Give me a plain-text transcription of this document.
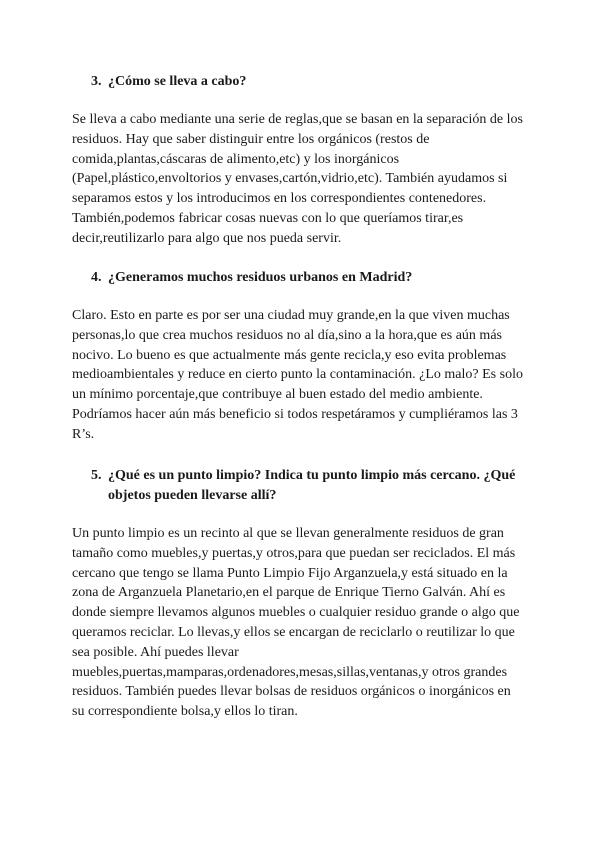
3. ¿Cómo se lleva a cabo?
Se lleva a cabo mediante una serie de reglas,que se basan en la separación de los
residuos. Hay que saber distinguir entre los orgánicos (restos de
comida,plantas,cáscaras de alimento,etc) y los inorgánicos
(Papel,plástico,envoltorios y envases,cartón,vidrio,etc). También ayudamos si
separamos estos y los introducimos en los correspondientes contenedores.
También,podemos fabricar cosas nuevas con lo que queríamos tirar,es
decir,reutilizarlo para algo que nos pueda servir.
4. ¿Generamos muchos residuos urbanos en Madrid?
Claro. Esto en parte es por ser una ciudad muy grande,en la que viven muchas
personas,lo que crea muchos residuos no al día,sino a la hora,que es aún más
nocivo. Lo bueno es que actualmente más gente recicla,y eso evita problemas
medioambientales y reduce en cierto punto la contaminación. ¿Lo malo? Es solo
un mínimo porcentaje,que contribuye al buen estado del medio ambiente.
Podríamos hacer aún más beneficio si todos respetáramos y cumpliéramos las 3
R’s.
5. ¿Qué es un punto limpio? Indica tu punto limpio más cercano. ¿Qué
objetos pueden llevarse allí?
Un punto limpio es un recinto al que se llevan generalmente residuos de gran
tamaño como muebles,y puertas,y otros,para que puedan ser reciclados. El más
cercano que tengo se llama Punto Limpio Fijo Arganzuela,y está situado en la
zona de Arganzuela Planetario,en el parque de Enrique Tierno Galván. Ahí es
donde siempre llevamos algunos muebles o cualquier residuo grande o algo que
queramos reciclar. Lo llevas,y ellos se encargan de reciclarlo o reutilizar lo que
sea posible. Ahí puedes llevar
muebles,puertas,mamparas,ordenadores,mesas,sillas,ventanas,y otros grandes
residuos. También puedes llevar bolsas de residuos orgánicos o inorgánicos en
su correspondiente bolsa,y ellos lo tiran.
